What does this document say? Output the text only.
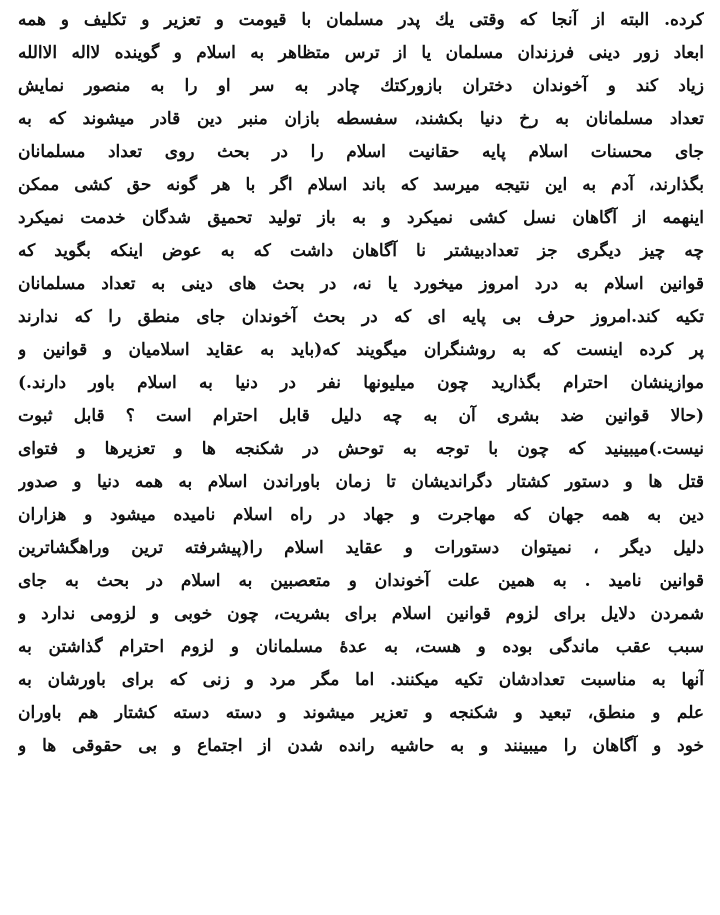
کرده. البته از آنجا که وقتی یك پدر مسلمان با قیومت و تعزیر و تکلیف و همه
ابعاد زور دینی فرزندان مسلمان یا از ترس متظاهر به اسلام و گوینده لااله الاالله
زیاد کند و آخوندان دختران بازورکتك چادر به سر او را به منصور نمایش
تعداد مسلمانان به رخ دنیا بکشند، سفسطه بازان منبر دین قادر میشوند که به
جای محسنات اسلام پایه حقانیت اسلام را در بحث روی تعداد مسلمانان
بگذارند، آدم به این نتیجه میرسد که باند اسلام اگر با هر گونه حق کشی ممکن
اینهمه از آگاهان نسل کشی نمیکرد و به باز تولید تحمیق شدگان خدمت نمیکرد
چه چیز دیگری جز تعدادبیشتر نا آگاهان داشت که به عوض اینکه بگوید که
قوانین اسلام به درد امروز میخورد یا نه، در بحث های دینی به تعداد مسلمانان
تکیه کند.امروز حرف بی پایه ای که در بحث آخوندان جای منطق را که ندارند
پر کرده اینست که به روشنگران میگویند که(باید به عقاید اسلامیان و قوانین و
موازینشان احترام بگذارید چون میلیونها نفر در دنیا به اسلام باور دارند.)
(حالا قوانین ضد بشری آن به چه دلیل قابل احترام است ؟ قابل ثبوت
نیست.)میبینید که چون با توجه به توحش در شکنجه ها و تعزیرها و فتوای
قتل ها و دستور کشتار دگراندیشان تا زمان باوراندن اسلام به همه دنیا و صدور
دین به همه جهان که مهاجرت و جهاد در راه اسلام نامیده میشود و هزاران
دلیل دیگر ، نمیتوان دستورات و عقاید اسلام را(پیشرفته ترین وراهگشاترین
قوانین نامید . به همین علت آخوندان و متعصبین به اسلام در بحث به جای
شمردن دلایل برای لزوم قوانین اسلام برای بشریت، چون خوبی و لزومی ندارد و
سبب عقب ماندگی بوده و هست، به عدۀ مسلمانان و لزوم احترام گذاشتن به
آنها به مناسبت تعدادشان تکیه میکنند. اما مگر مرد و زنی که برای باورشان به
علم و منطق، تبعید و شکنجه و تعزیر میشوند و دسته دسته کشتار هم باوران
خود و آگاهان را میبینند و به حاشیه رانده شدن از اجتماع و بی حقوقی ها و
